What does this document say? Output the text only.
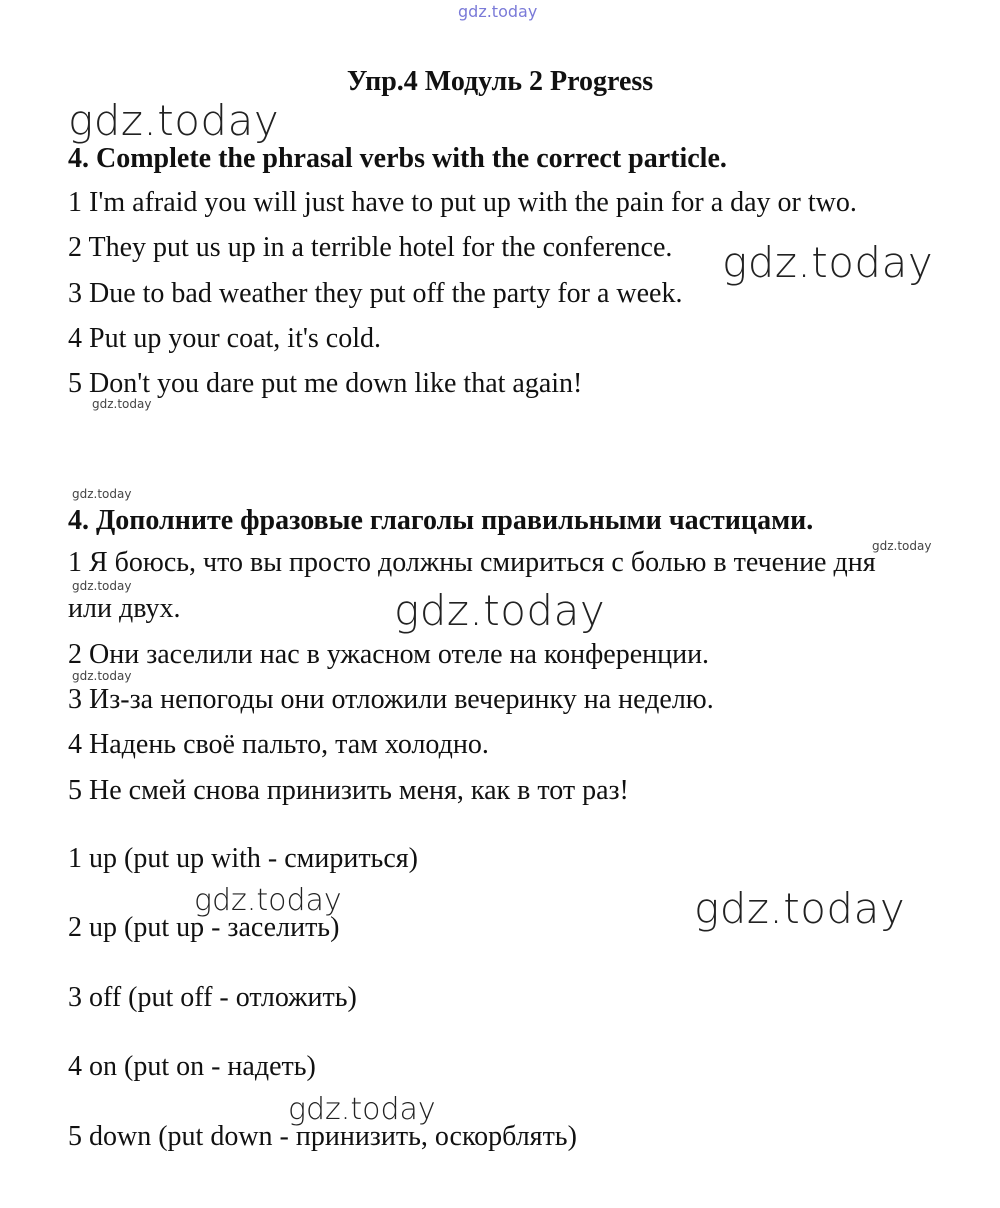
Упр.4 Модуль 2 Progress
4. Complete the phrasal verbs with the correct particle.
1 I'm afraid you will just have to put up with the pain for a day or two.
2 They put us up in a terrible hotel for the conference.
3 Due to bad weather they put off the party for a week.
4 Put up your coat, it's cold.
5 Don't you dare put me down like that again!
4. Дополните фразовые глаголы правильными частицами.
1 Я боюсь, что вы просто должны смириться с болью в течение дня
или двух.
2 Они заселили нас в ужасном отеле на конференции.
3 Из-за непогоды они отложили вечеринку на неделю.
4 Надень своё пальто, там холодно.
5 Не смей снова принизить меня, как в тот раз!
1 up (put up with - смириться)
2 up (put up - заселить)
3 off (put off - отложить)
4 on (put on - надеть)
5 down (put down - принизить, оскорблять)
gdz.today
gdz.today
gdz.today
gdz.today
gdz.today
gdz.today
gdz.today	gdz.today
gdz.today
gdz.today	gdz.today
gdz.today
